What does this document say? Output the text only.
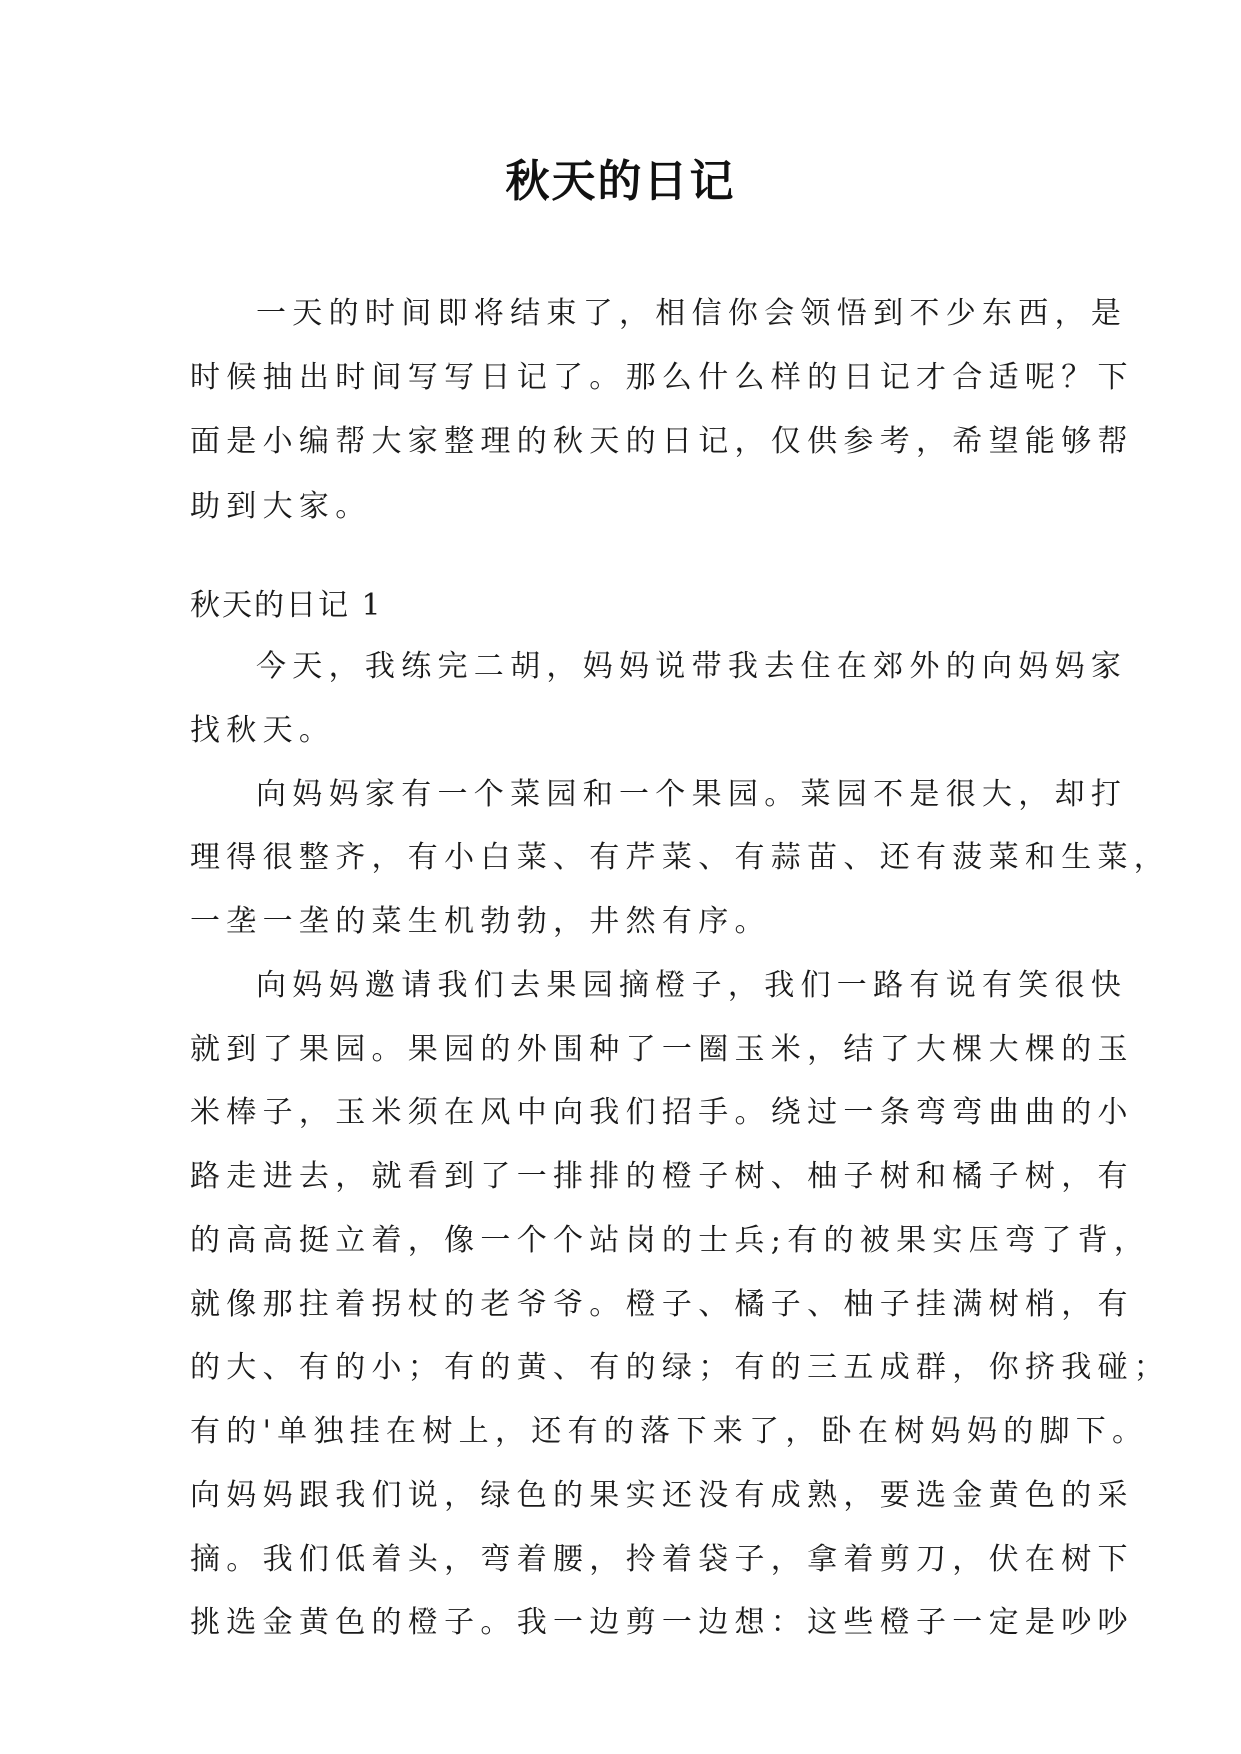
秋天的日记
一天的时间即将结束了，相信你会领悟到不少东西，是
时候抽出时间写写日记了。那么什么样的日记才合适呢？下
面是小编帮大家整理的秋天的日记，仅供参考，希望能够帮
助到大家。
秋天的日记 1
今天，我练完二胡，妈妈说带我去住在郊外的向妈妈家
找秋天。
向妈妈家有一个菜园和一个果园。菜园不是很大，却打
理得很整齐，有小白菜、有芹菜、有蒜苗、还有菠菜和生菜，
一垄一垄的菜生机勃勃，井然有序。
向妈妈邀请我们去果园摘橙子，我们一路有说有笑很快
就到了果园。果园的外围种了一圈玉米，结了大棵大棵的玉
米棒子，玉米须在风中向我们招手。绕过一条弯弯曲曲的小
路走进去，就看到了一排排的橙子树、柚子树和橘子树，有
的高高挺立着，像一个个站岗的士兵;有的被果实压弯了背，
就像那拄着拐杖的老爷爷。橙子、橘子、柚子挂满树梢，有
的大、有的小；有的黄、有的绿；有的三五成群，你挤我碰；
有的'单独挂在树上，还有的落下来了，卧在树妈妈的脚下。
向妈妈跟我们说，绿色的果实还没有成熟，要选金黄色的采
摘。我们低着头，弯着腰，拎着袋子，拿着剪刀，伏在树下
挑选金黄色的橙子。我一边剪一边想：这些橙子一定是吵吵
